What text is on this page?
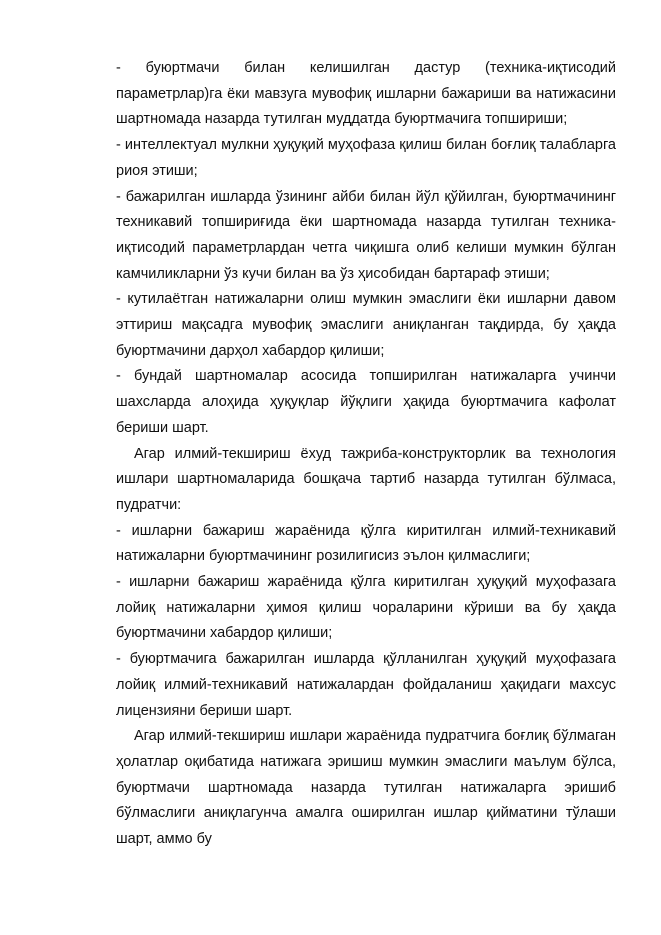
- буюртмачи билан келишилган дастур (техника-иқтисодий параметрлар)га ёки мавзуга мувофиқ ишларни бажариши ва натижасини шартномада назарда тутилган муддатда буюртмачига топшириши;

- интеллектуал мулкни ҳуқуқий муҳофаза қилиш билан боғлиқ талабларга риоя этиши;

- бажарилган ишларда ўзининг айби билан йўл қўйилган, буюртмачининг техникавий топшириғида ёки шартномада назарда тутилган техника-иқтисодий параметрлардан четга чиқишга олиб келиши мумкин бўлган камчиликларни ўз кучи билан ва ўз ҳисобидан бартараф этиши;

- кутилаётган натижаларни олиш мумкин эмаслиги ёки ишларни давом эттириш мақсадга мувофиқ эмаслиги аниқланган тақдирда, бу ҳақда буюртмачини дарҳол хабардор қилиши;

- бундай шартномалар асосида топширилган натижаларга учинчи шахсларда алоҳида ҳуқуқлар йўқлиги ҳақида буюртмачига кафолат бериши шарт.

Агар илмий-текшириш ёхуд тажриба-конструкторлик ва технология ишлари шартномаларида бошқача тартиб назарда тутилган бўлмаса, пудратчи:

- ишларни бажариш жараёнида қўлга киритилган илмий-техникавий натижаларни буюртмачининг розилигисиз эълон қилмаслиги;

- ишларни бажариш жараёнида қўлга киритилган ҳуқуқий муҳофазага лойиқ натижаларни ҳимоя қилиш чораларини кўриши ва бу ҳақда буюртмачини хабардор қилиши;

- буюртмачига бажарилган ишларда қўлланилган ҳуқуқий муҳофазага лойиқ илмий-техникавий натижалардан фойдаланиш ҳақидаги махсус лицензияни бериши шарт.

Агар илмий-текшириш ишлари жараёнида пудратчига боғлиқ бўлмаган ҳолатлар оқибатида натижага эришиш мумкин эмаслиги маълум бўлса, буюртмачи шартномада назарда тутилган натижаларга эришиб бўлмаслиги аниқлагунча амалга оширилган ишлар қийматини тўлаши шарт, аммо бу
